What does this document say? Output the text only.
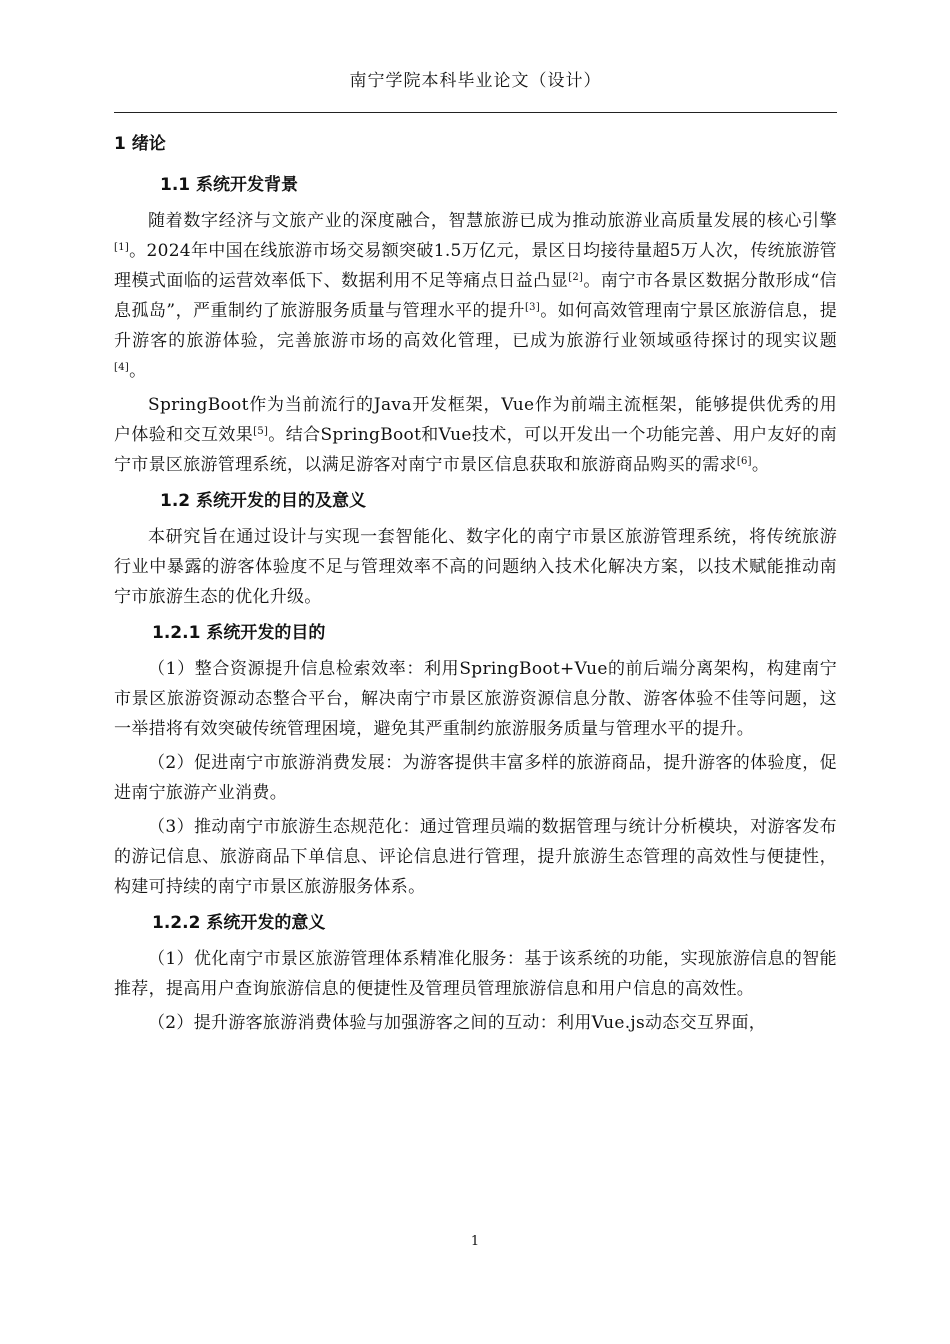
南宁学院本科毕业论文（设计）
1 绪论
1.1 系统开发背景

随着数字经济与文旅产业的深度融合，智慧旅游已成为推动旅游业高质量发展的核心引擎[1]。2024年中国在线旅游市场交易额突破1.5万亿元，景区日均接待量超5万人次，传统旅游管理模式面临的运营效率低下、数据利用不足等痛点日益凸显[2]。南宁市各景区数据分散形成“信息孤岛”，严重制约了旅游服务质量与管理水平的提升[3]。如何高效管理南宁景区旅游信息，提升游客的旅游体验，完善旅游市场的高效化管理，已成为旅游行业领域亟待探讨的现实议题[4]。

SpringBoot作为当前流行的Java开发框架，Vue作为前端主流框架，能够提供优秀的用户体验和交互效果[5]。结合SpringBoot和Vue技术，可以开发出一个功能完善、用户友好的南宁市景区旅游管理系统，以满足游客对南宁市景区信息获取和旅游商品购买的需求[6]。

1.2 系统开发的目的及意义

本研究旨在通过设计与实现一套智能化、数字化的南宁市景区旅游管理系统，将传统旅游行业中暴露的游客体验度不足与管理效率不高的问题纳入技术化解决方案，以技术赋能推动南宁市旅游生态的优化升级。

1.2.1 系统开发的目的

（1）整合资源提升信息检索效率：利用SpringBoot+Vue的前后端分离架构，构建南宁市景区旅游资源动态整合平台，解决南宁市景区旅游资源信息分散、游客体验不佳等问题，这一举措将有效突破传统管理困境，避免其严重制约旅游服务质量与管理水平的提升。

（2）促进南宁市旅游消费发展：为游客提供丰富多样的旅游商品，提升游客的体验度，促进南宁旅游产业消费。

（3）推动南宁市旅游生态规范化：通过管理员端的数据管理与统计分析模块，对游客发布的游记信息、旅游商品下单信息、评论信息进行管理，提升旅游生态管理的高效性与便捷性，构建可持续的南宁市景区旅游服务体系。

1.2.2 系统开发的意义

（1）优化南宁市景区旅游管理体系精准化服务：基于该系统的功能，实现旅游信息的智能推荐，提高用户查询旅游信息的便捷性及管理员管理旅游信息和用户信息的高效性。

（2）提升游客旅游消费体验与加强游客之间的互动：利用Vue.js动态交互界面，

1
